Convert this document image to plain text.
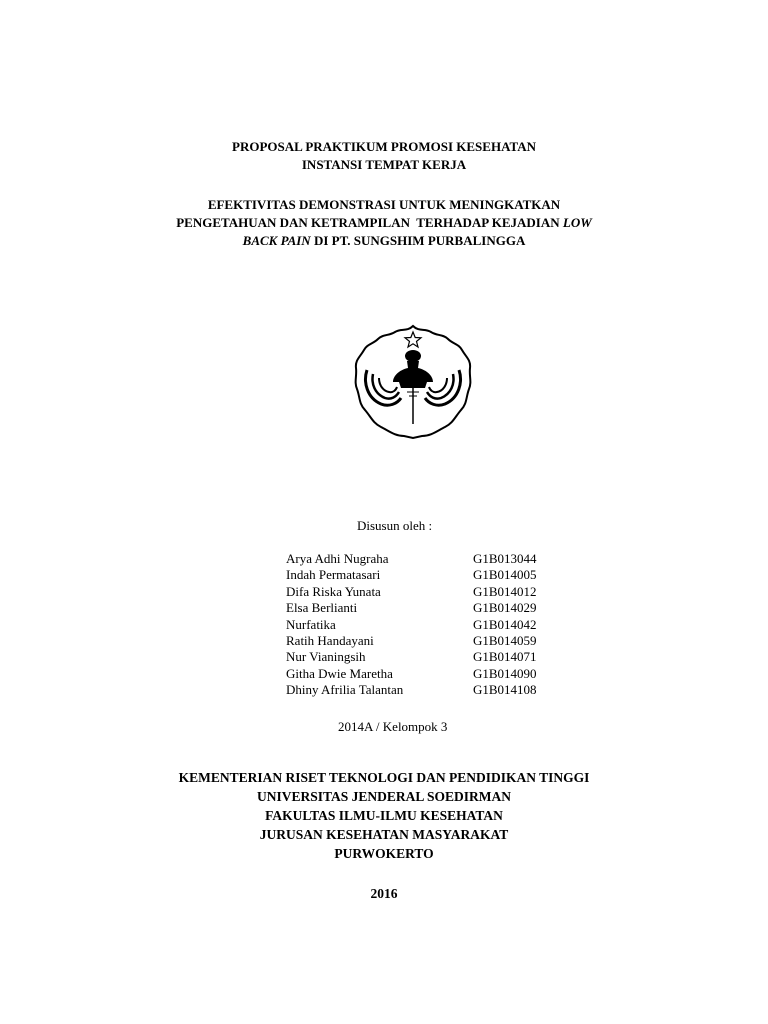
PROPOSAL PRAKTIKUM PROMOSI KESEHATAN
INSTANSI TEMPAT KERJA
EFEKTIVITAS DEMONSTRASI UNTUK MENINGKATKAN
PENGETAHUAN DAN KETRAMPILAN  TERHADAP KEJADIAN LOW
BACK PAIN DI PT. SUNGSHIM PURBALINGGA
Disusun oleh :
Arya Adhi Nugraha	G1B013044
Indah Permatasari	G1B014005
Difa Riska Yunata	G1B014012
Elsa Berlianti	G1B014029
Nurfatika	G1B014042
Ratih Handayani	G1B014059
Nur Vianingsih	G1B014071
Githa Dwie Maretha	G1B014090
Dhiny Afrilia Talantan	G1B014108
2014A / Kelompok 3
KEMENTERIAN RISET TEKNOLOGI DAN PENDIDIKAN TINGGI
UNIVERSITAS JENDERAL SOEDIRMAN
FAKULTAS ILMU-ILMU KESEHATAN
JURUSAN KESEHATAN MASYARAKAT
PURWOKERTO
2016
